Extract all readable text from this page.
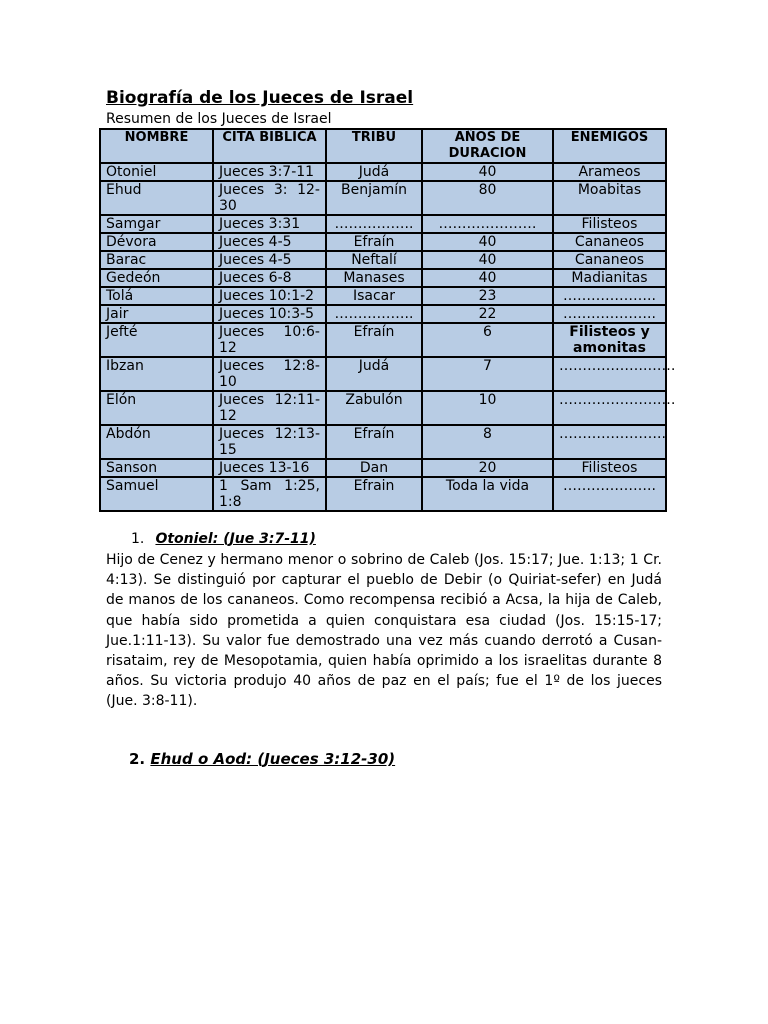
Biografía de los Jueces de Israel
Resumen de los Jueces de Israel
NOMBRE	CITA BIBLICA	TRIBU	AÑOS DE DURACION	ENEMIGOS
Otoniel	Jueces 3:7-11	Judá	40	Arameos
Ehud	Jueces 3: 12-30	Benjamín	80	Moabitas
Samgar	Jueces 3:31	……………..	…………………	Filisteos
Dévora	Jueces 4-5	Efraín	40	Cananeos
Barac	Jueces 4-5	Neftalí	40	Cananeos
Gedeón	Jueces 6-8	Manases	40	Madianitas
Tolá	Jueces 10:1-2	Isacar	23	………………..
Jair	Jueces 10:3-5	……………..	22	………………..
Jefté	Jueces 10:6-12	Efraín	6	Filisteos y amonitas
Ibzan	Jueces 12:8-10	Judá	7	……………….……
Elón	Jueces 12:11-12	Zabulón	10	………………….…
Abdón	Jueces 12:13-15	Efraín	8	…………………..
Sanson	Jueces 13-16	Dan	20	Filisteos
Samuel	1 Sam 1:25, 1:8	Efrain	Toda la vida	………………..
1. Otoniel: (Jue 3:7-11)
Hijo de Cenez y hermano menor o sobrino de Caleb (Jos. 15:17; Jue. 1:13; 1 Cr. 4:13). Se distinguió por capturar el pueblo de Debir (o Quiriat-sefer) en Judá de manos de los cananeos. Como recompensa recibió a Acsa, la hija de Caleb, que había sido prometida a quien conquistara esa ciudad (Jos. 15:15-17; Jue.1:11-13). Su valor fue demostrado una vez más cuando derrotó a Cusan-risataim, rey de Mesopotamia, quien había oprimido a los israelitas durante 8 años. Su victoria produjo 40 años de paz en el país; fue el 1º de los jueces (Jue. 3:8-11).
2. Ehud o Aod: (Jueces 3:12-30)
